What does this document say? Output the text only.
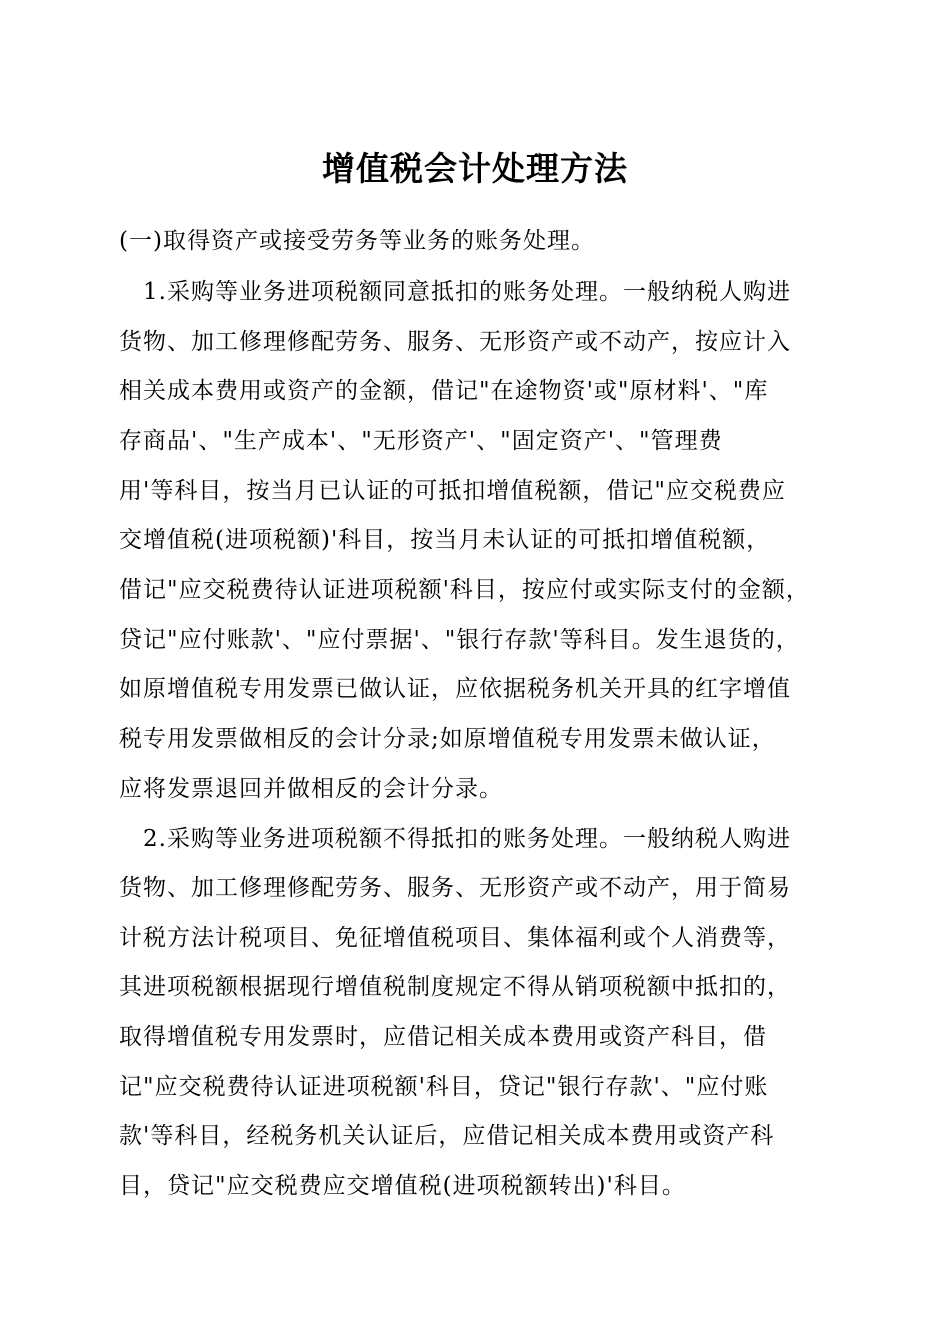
增值税会计处理方法
(一)取得资产或接受劳务等业务的账务处理。
1.采购等业务进项税额同意抵扣的账务处理。一般纳税人购进
货物、加工修理修配劳务、服务、无形资产或不动产，按应计入
相关成本费用或资产的金额，借记"在途物资'或"原材料'、"库
存商品'、"生产成本'、"无形资产'、"固定资产'、"管理费
用'等科目，按当月已认证的可抵扣增值税额，借记"应交税费应
交增值税(进项税额)'科目，按当月未认证的可抵扣增值税额，
借记"应交税费待认证进项税额'科目，按应付或实际支付的金额，
贷记"应付账款'、"应付票据'、"银行存款'等科目。发生退货的，
如原增值税专用发票已做认证，应依据税务机关开具的红字增值
税专用发票做相反的会计分录;如原增值税专用发票未做认证，
应将发票退回并做相反的会计分录。
2.采购等业务进项税额不得抵扣的账务处理。一般纳税人购进
货物、加工修理修配劳务、服务、无形资产或不动产，用于简易
计税方法计税项目、免征增值税项目、集体福利或个人消费等，
其进项税额根据现行增值税制度规定不得从销项税额中抵扣的，
取得增值税专用发票时，应借记相关成本费用或资产科目，借
记"应交税费待认证进项税额'科目，贷记"银行存款'、"应付账
款'等科目，经税务机关认证后，应借记相关成本费用或资产科
目，贷记"应交税费应交增值税(进项税额转出)'科目。
